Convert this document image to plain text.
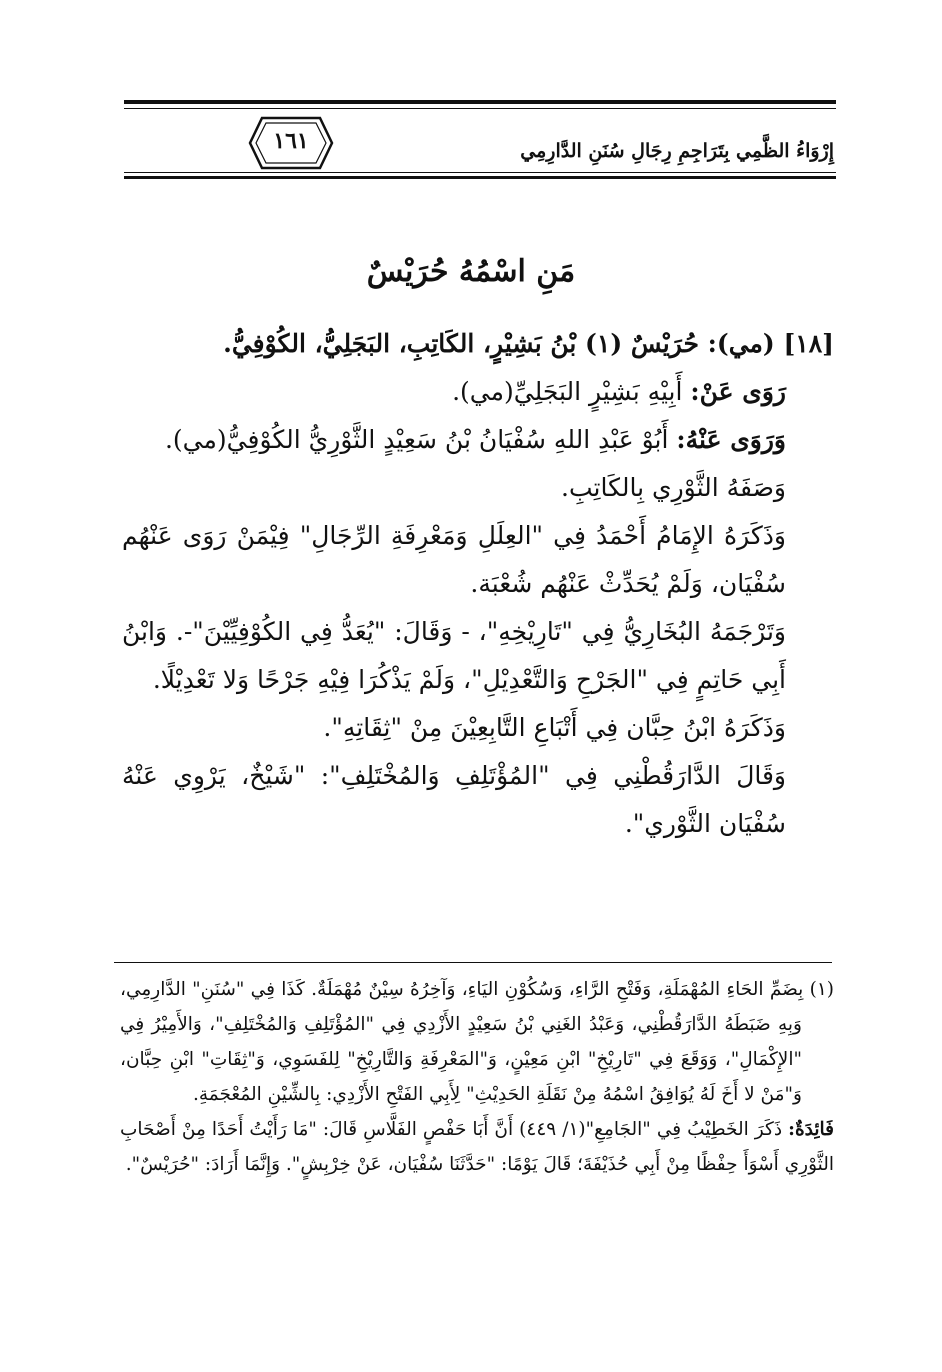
إِرْوَاءُ الظَّمِي بِتَرَاجِمِ رِجَالِ سُنَنِ الدَّارِمِي
١٦١
مَنِ اسْمُهُ حُرَيْسٌ

[١٨] (مي): حُرَيْسٌ (١) بْنُ بَشِيْرٍ، الكَاتِبِ، البَجَلِيُّ، الكُوْفِيُّ.

رَوَى عَنْ: أَبِيْهِ بَشِيْرٍ البَجَلِيِّ(مي).

وَرَوَى عَنْهُ: أَبُوْ عَبْدِ اللهِ سُفْيَانُ بْنُ سَعِيْدٍ الثَّوْرِيُّ الكُوْفِيُّ(مي).

وَصَفَهُ الثَّوْرِي بِالكَاتِبِ.

وَذَكَرَهُ الإِمَامُ أَحْمَدُ فِي "العِلَلِ وَمَعْرِفَةِ الرِّجَالِ" فِيْمَنْ رَوَى عَنْهُم سُفْيَان، وَلَمْ يُحَدِّثْ عَنْهُم شُعْبَة.

وَتَرْجَمَهُ البُخَارِيُّ فِي "تَارِيْخِهِ"، - وَقَالَ: "يُعَدُّ فِي الكُوْفِيِّيْنَ"-. وَابْنُ أَبِي حَاتِمٍ فِي "الجَرْحِ وَالتَّعْدِيْلِ"، وَلَمْ يَذْكُرَا فِيْهِ جَرْحًا وَلا تَعْدِيْلًا.

وَذَكَرَهُ ابْنُ حِبَّان فِي أَتْبَاعِ التَّابِعِيْنَ مِنْ "ثِقَاتِهِ".

وَقَالَ الدَّارَقُطْنِي فِي "المُؤْتَلِفِ وَالمُخْتَلِفِ": "شَيْخٌ، يَرْوِي عَنْهُ سُفْيَان الثَّوْري".

(١) بِضَمِّ الحَاءِ المُهْمَلَةِ، وَفَتْحِ الرَّاءِ، وَسُكُوْنِ اليَاءِ، وَآخِرُهُ سِيْنٌ مُهْمَلَةٌ. كَذَا فِي "سُنَنِ" الدَّارِمِي، وَبِهِ ضَبَطَهُ الدَّارَقُطْنِي، وَعَبْدُ الغَنِي بْنُ سَعِيْدٍ الأَزْدِي فِي "المُؤْتَلِفِ وَالمُخْتَلِفِ"، وَالأَمِيْرُ فِي "الإِكْمَالِ"، وَوَقَعَ فِي "تَارِيْخِ" ابْنِ مَعِيْنٍ، وَ"المَعْرِفَةِ وَالتَّارِيْخِ" لِلفَسَوِي، وَ"ثِقَاتِ" ابْنِ حِبَّان، وَ"مَنْ لا أَخَ لَهُ يُوَافِقُ اسْمُهُ مِنْ نَقَلَةِ الحَدِيْثِ" لِأَبِي الفَتْحِ الأَزْدِي: بِالشِّيْنِ المُعْجَمَةِ.

فَائِدَةٌ: ذَكَرَ الخَطِيْبُ فِي "الجَامِعِ"(١/ ٤٤٩) أَنَّ أَبَا حَفْصٍ الفَلَّاسِ قَالَ: "مَا رَأَيْتُ أَحَدًا مِنْ أَصْحَابِ الثَّوْرِي أَسْوَأَ حِفْظًا مِنْ أَبِي حُذَيْفَةَ؛ قَالَ يَوْمًا: "حَدَّثَنَا سُفْيَان، عَنْ خِرْبِشٍ". وَإِنَّمَا أَرَادَ: "حُرَيْسٌ".
